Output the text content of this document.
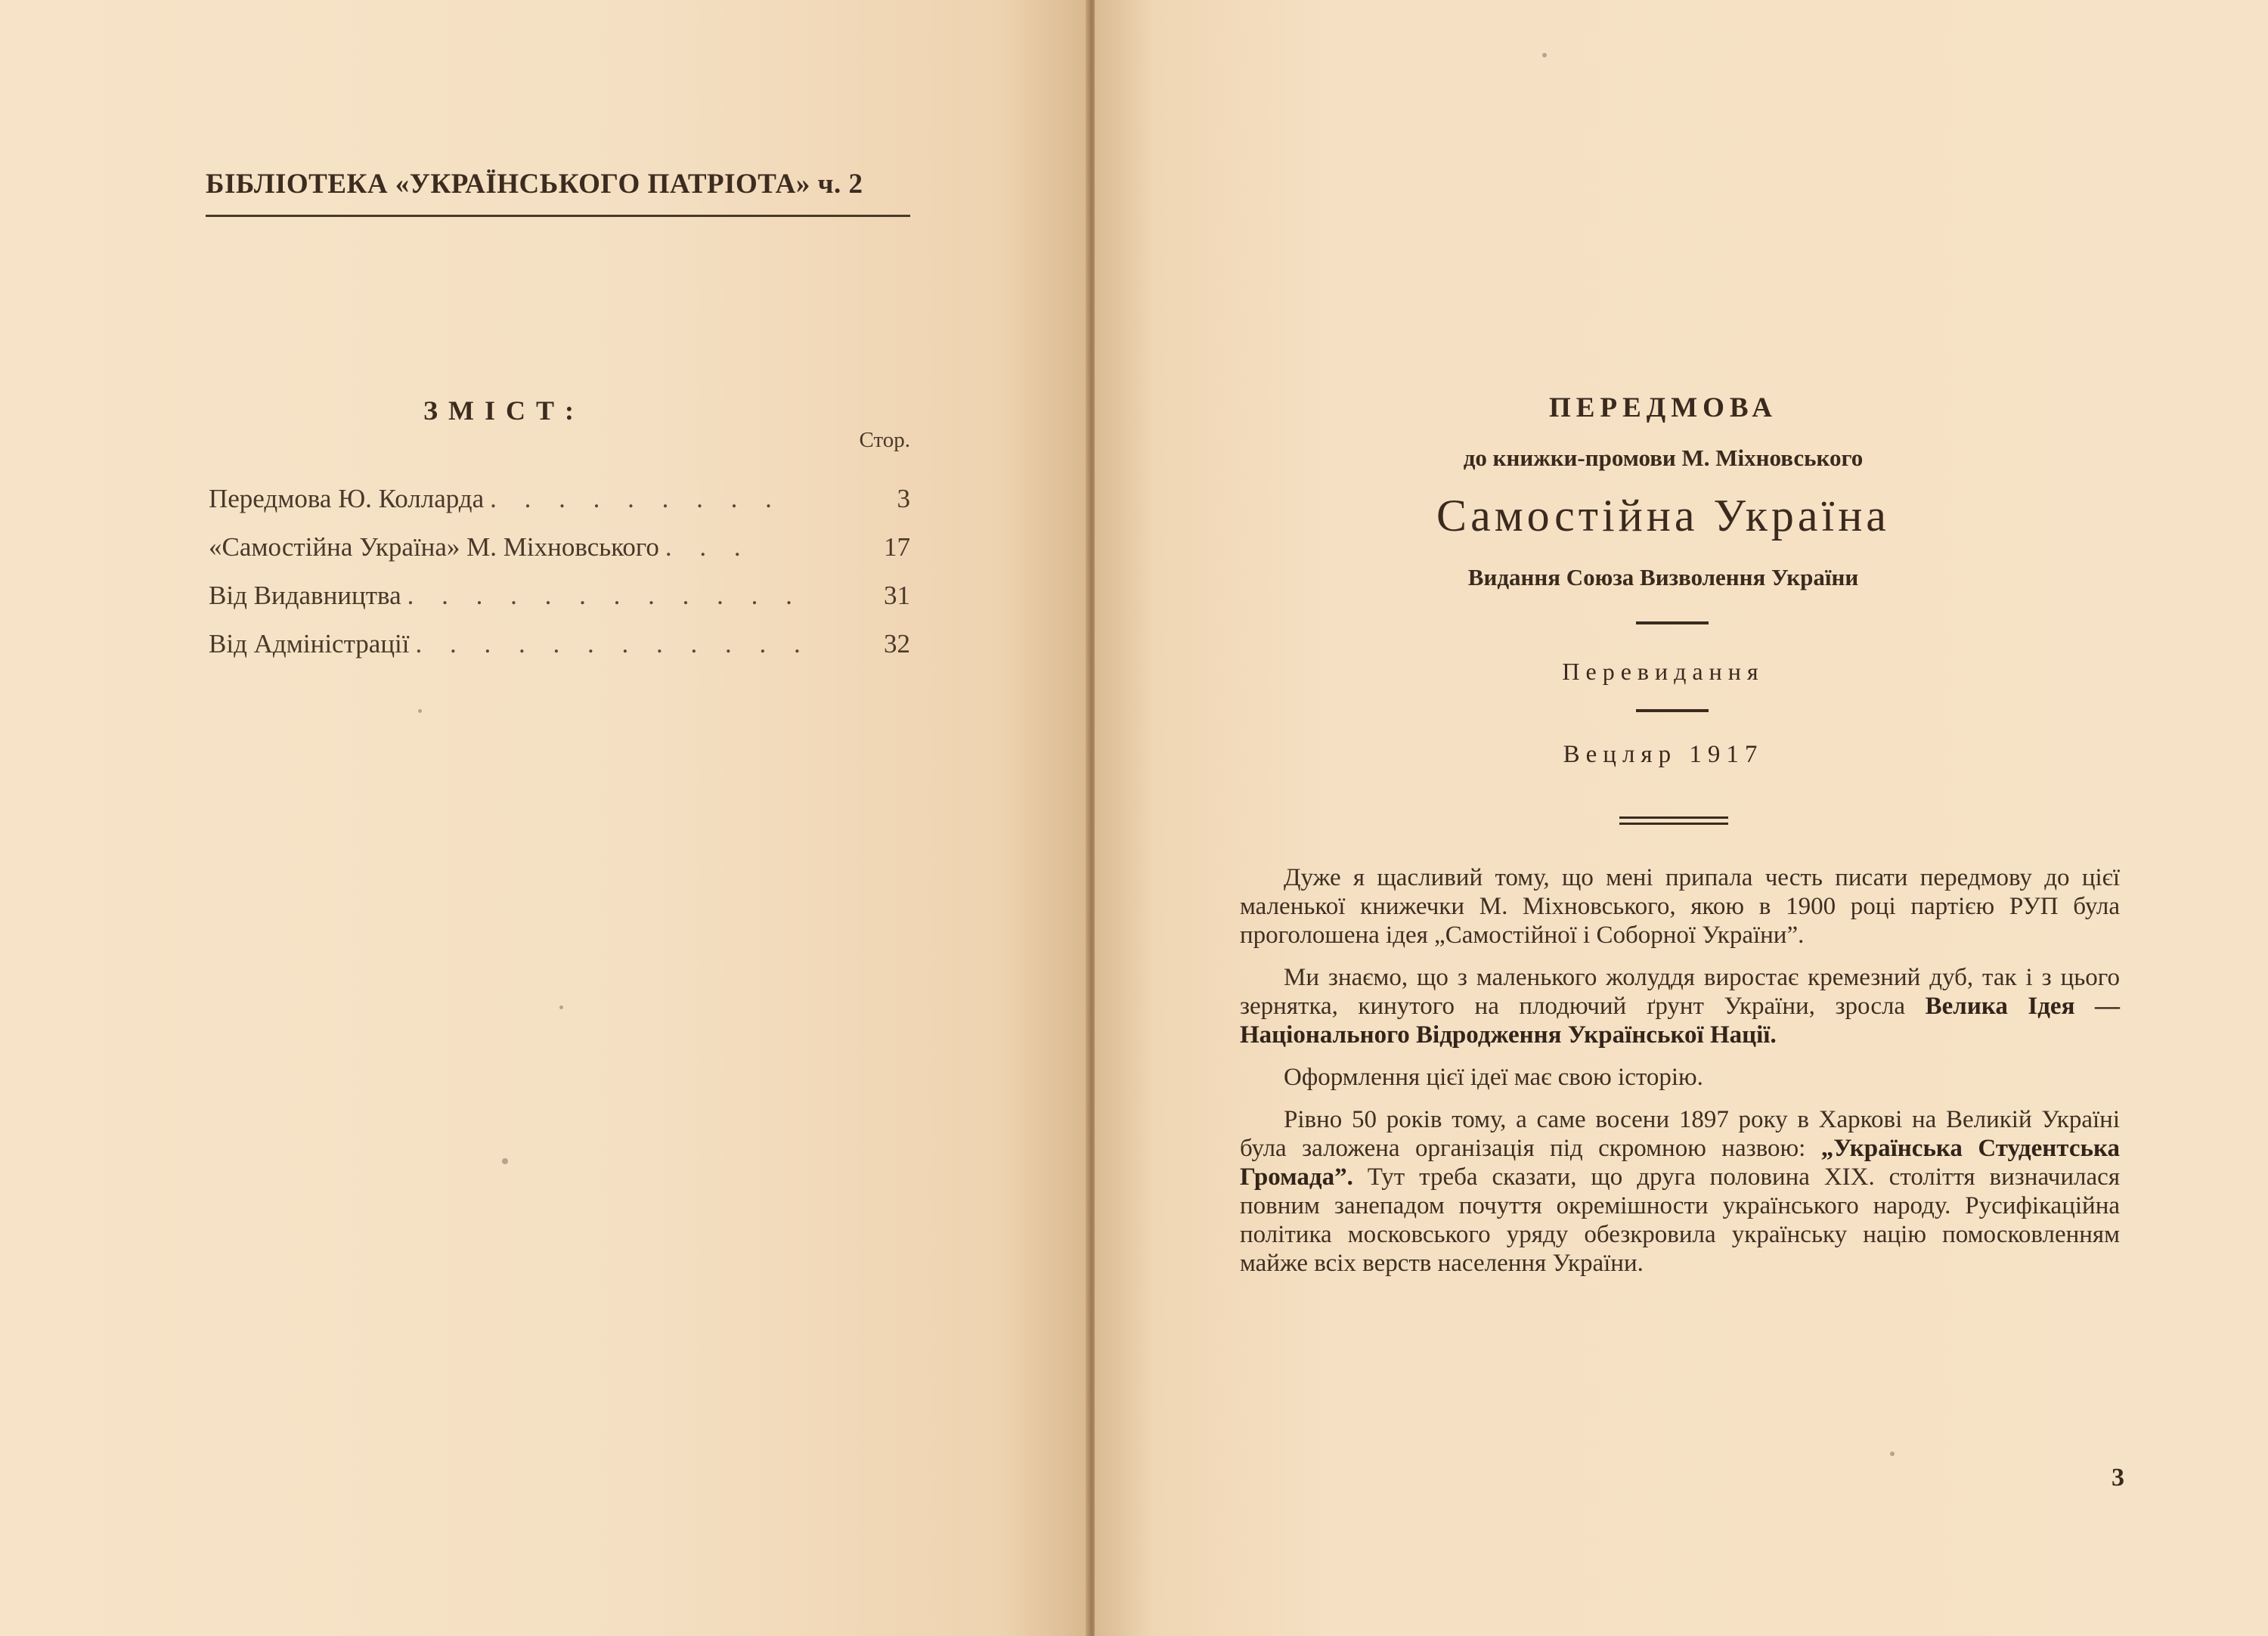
БІБЛІОТЕКА «УКРАЇНСЬКОГО ПАТРІОТА» ч. 2
ЗМІСТ:
Стор.
Передмова Ю. Колларда . . . . . . . . .	3
«Самостійна Україна» М. Міхновського . . .	17
Від Видавництва . . . . . . . . . . . .	31
Від Адміністрації . . . . . . . . . . . .	32
ПЕРЕДМОВА
до книжки-промови М. Міхновського
Самостійна Україна
Видання Союза Визволення України
Перевидання
Вецляр 1917

Дуже я щасливий тому, що мені припала честь писати передмову до цієї маленької книжечки М. Міхновського, якою в 1900 році партією РУП була проголошена ідея „Самостійної і Соборної України”.

Ми знаємо, що з маленького жолуддя виростає кремезний дуб, так і з цього зернятка, кинутого на плодючий ґрунт України, зросла Велика Ідея — Національного Відродження Української Нації.

Оформлення цієї ідеї має свою історію.

Рівно 50 років тому, а саме восени 1897 року в Харкові на Великій Україні була заложена організація під скромною назвою: „Українська Студентська Громада”. Тут треба сказати, що друга половина XIX. століття визначилася повним занепадом почуття окремішности українського народу. Русифікаційна політика московського уряду обезкровила українську націю помосковленням майже всіх верств населення України.

3
